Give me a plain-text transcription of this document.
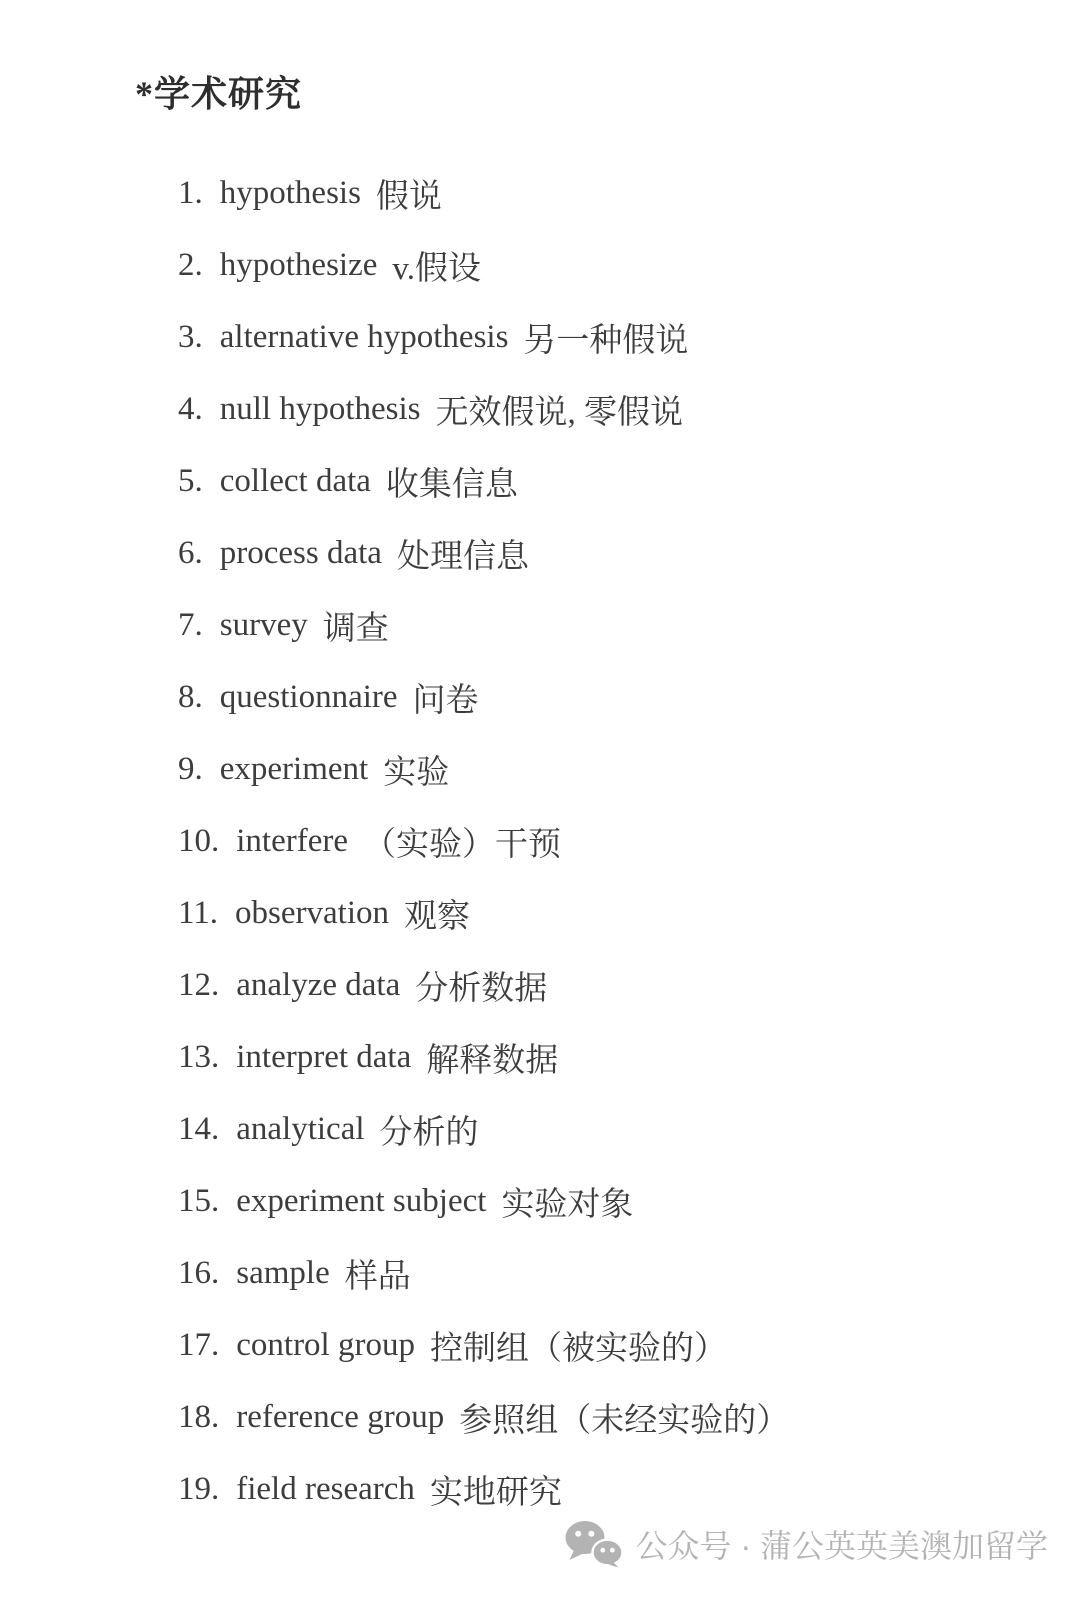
*学术研究
1. hypothesis 假说
2. hypothesize v.假设
3. alternative hypothesis 另一种假说
4. null hypothesis 无效假说, 零假说
5. collect data 收集信息
6. process data 处理信息
7. survey 调查
8. questionnaire 问卷
9. experiment 实验
10. interfere （实验）干预
11. observation 观察
12. analyze data 分析数据
13. interpret data 解释数据
14. analytical 分析的
15. experiment subject 实验对象
16. sample 样品
17. control group 控制组（被实验的）
18. reference group 参照组（未经实验的）
19. field research 实地研究
公众号 · 蒲公英英美澳加留学
